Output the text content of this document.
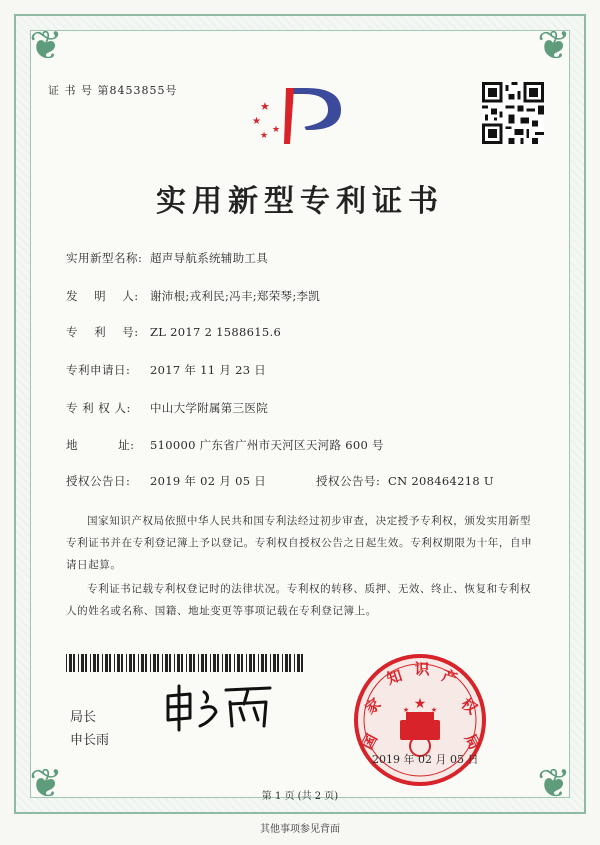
❦	❦
❦	❦
证 书 号 第8453855号
★
★
★
★
实用新型专利证书
实用新型名称: 超声导航系统辅助工具
发　 明　 人: 谢沛根;戎利民;冯丰;郑荣琴;李凯
专　 利　 号: ZL 2017 2 1588615.6
专利申请日: 2017 年 11 月 23 日
专 利 权 人: 中山大学附属第三医院
地　　　 址: 510000 广东省广州市天河区天河路 600 号
授权公告日: 2019 年 02 月 05 日	授权公告号: CN 208464218 U
国家知识产权局依照中华人民共和国专利法经过初步审查，决定授予专利权，颁发实用新型专利证书并在专利登记簿上予以登记。专利权自授权公告之日起生效。专利权期限为十年，自申请日起算。
专利证书记载专利权登记时的法律状况。专利权的转移、质押、无效、终止、恢复和专利权人的姓名或名称、国籍、地址变更等事项记载在专利登记簿上。
局长
申长雨	国
家
知 识 产
权
局
★
★	★
2019 年 02 月 05 日
第 1 页 (共 2 页)
其他事项参见背面
